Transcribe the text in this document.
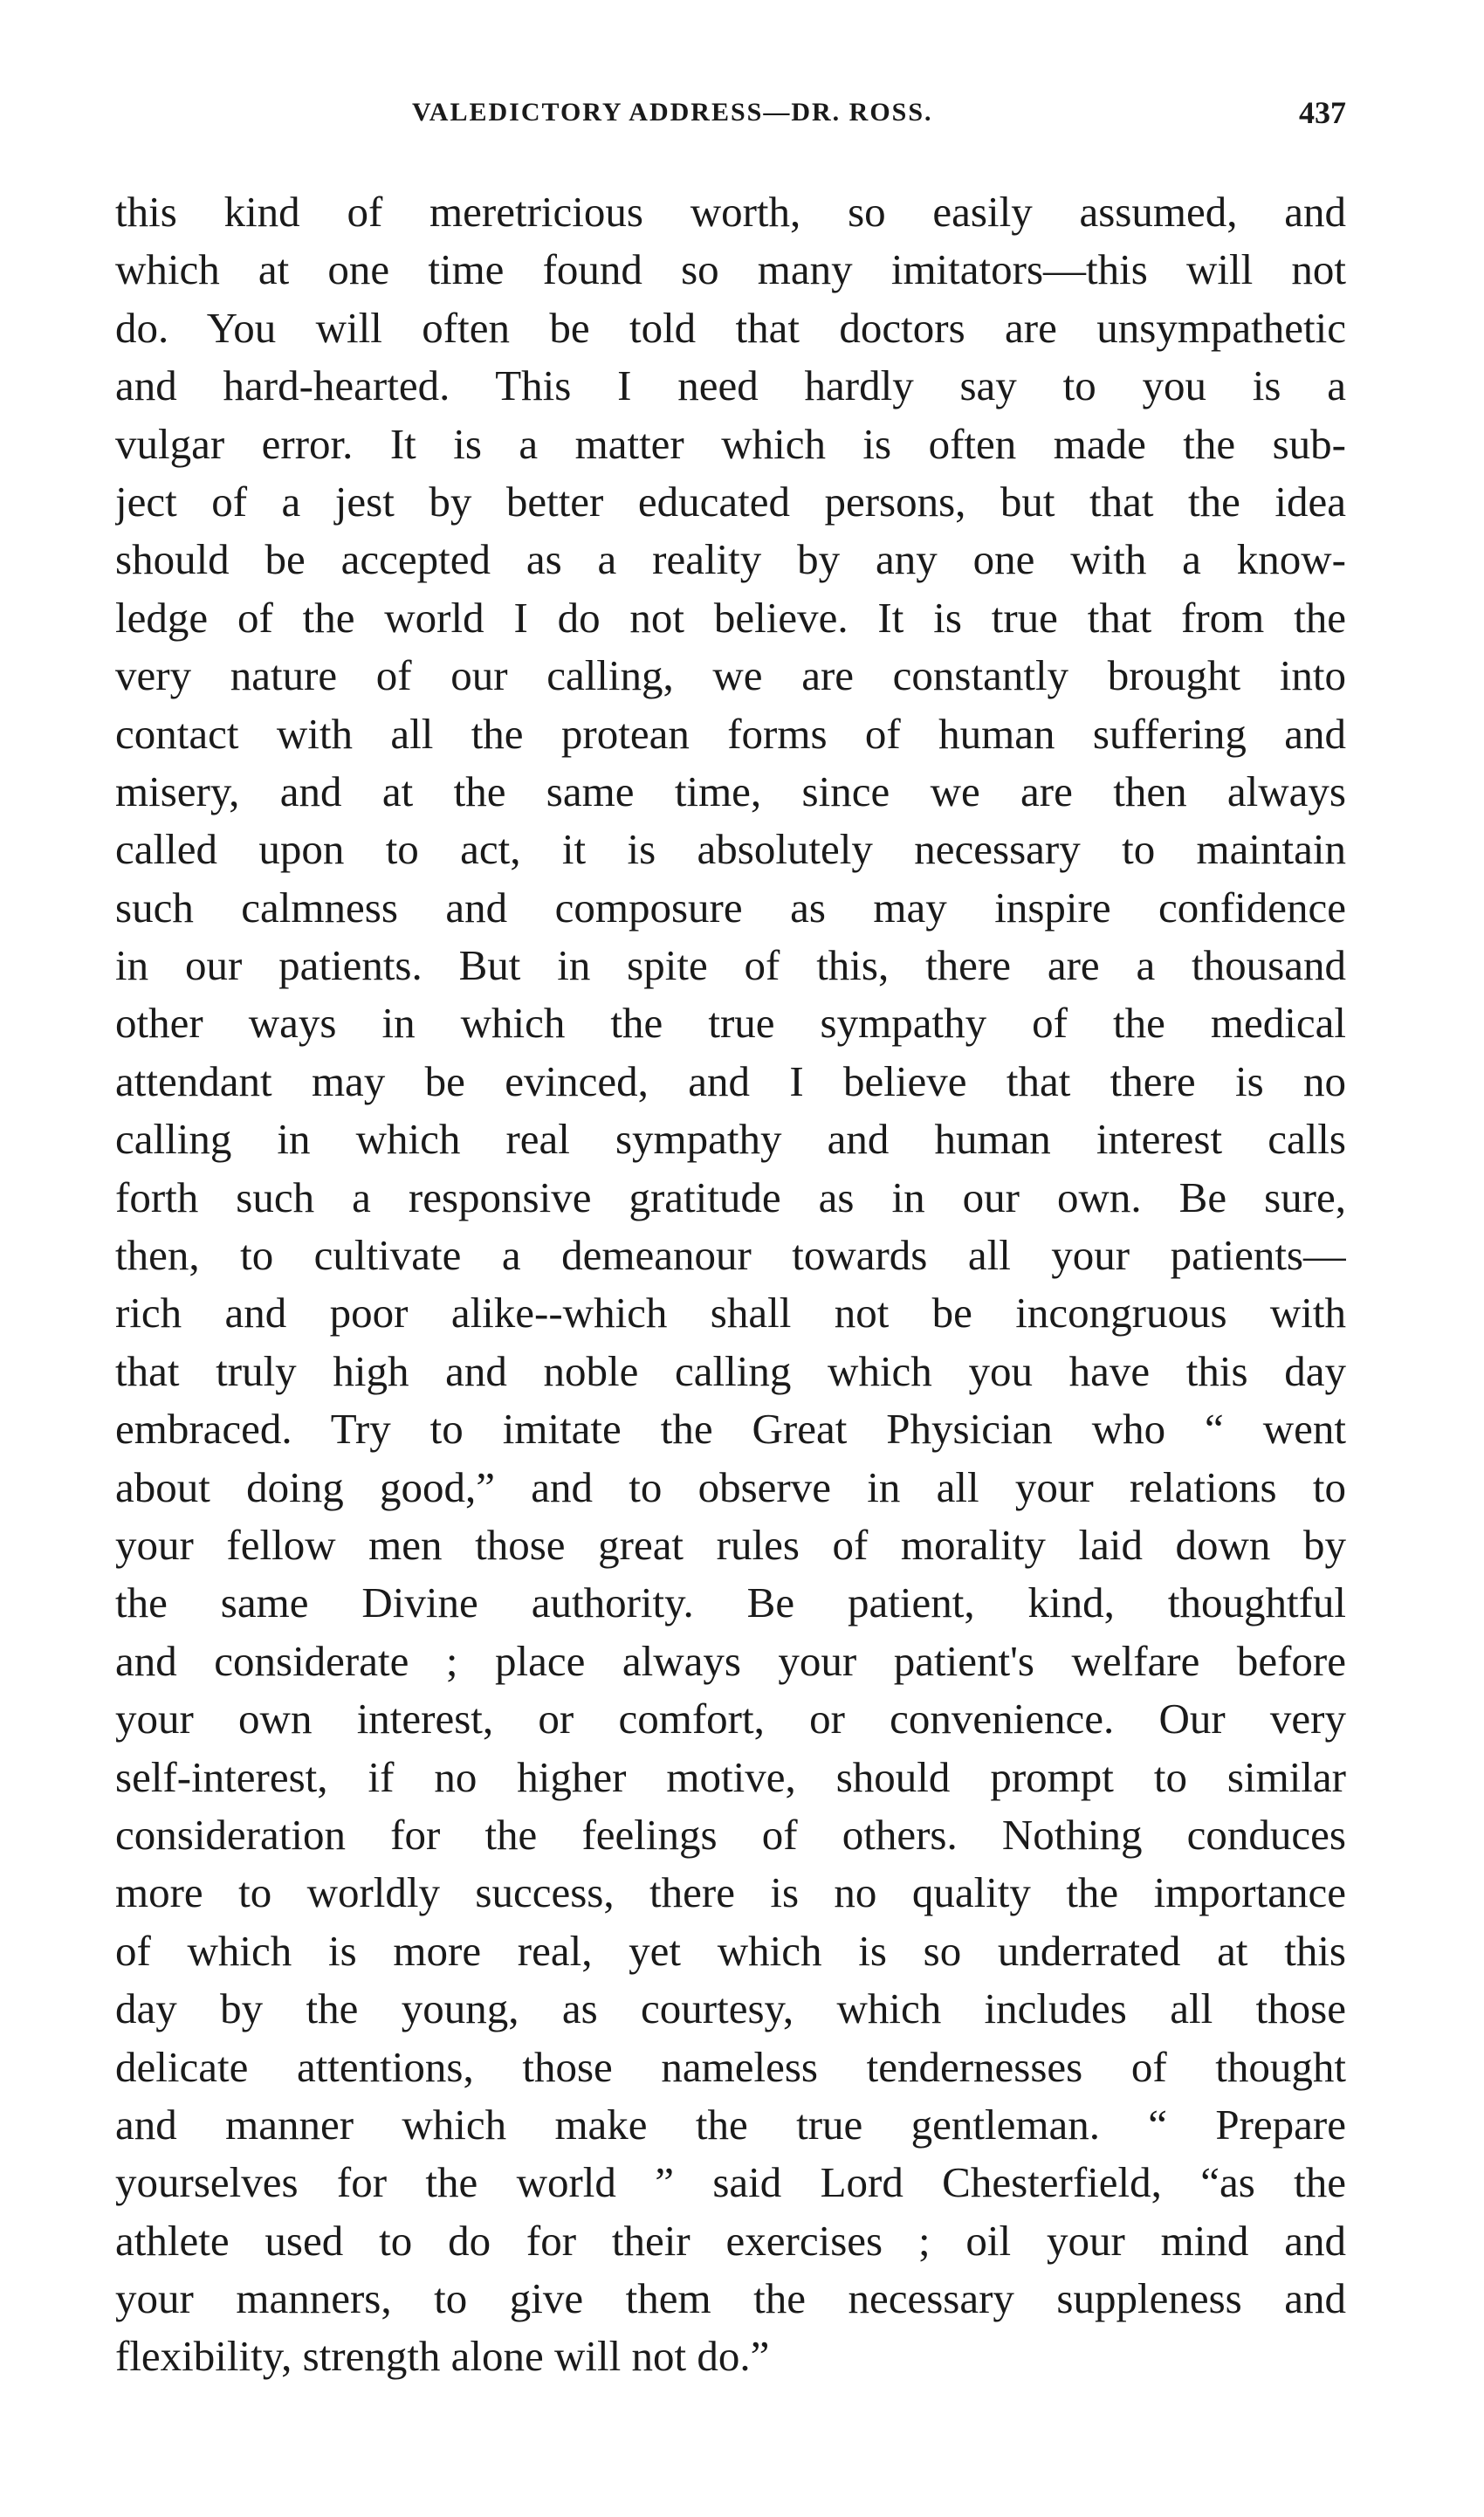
VALEDICTORY ADDRESS—DR. ROSS.	437
this kind of meretricious worth, so easily assumed, and
which at one time found so many imitators—this will not
do. You will often be told that doctors are unsympathetic
and hard-hearted. This I need hardly say to you is a
vulgar error. It is a matter which is often made the sub-
ject of a jest by better educated persons, but that the idea
should be accepted as a reality by any one with a know-
ledge of the world I do not believe. It is true that from the
very nature of our calling, we are constantly brought into
contact with all the protean forms of human suffering and
misery, and at the same time, since we are then always
called upon to act, it is absolutely necessary to maintain
such calmness and composure as may inspire confidence
in our patients. But in spite of this, there are a thousand
other ways in which the true sympathy of the medical
attendant may be evinced, and I believe that there is no
calling in which real sympathy and human interest calls
forth such a responsive gratitude as in our own. Be sure,
then, to cultivate a demeanour towards all your patients—
rich and poor alike--which shall not be incongruous with
that truly high and noble calling which you have this day
embraced. Try to imitate the Great Physician who “ went
about doing good,” and to observe in all your relations to
your fellow men those great rules of morality laid down by
the same Divine authority. Be patient, kind, thoughtful
and considerate ; place always your patient's welfare before
your own interest, or comfort, or convenience. Our very
self-interest, if no higher motive, should prompt to similar
consideration for the feelings of others. Nothing conduces
more to worldly success, there is no quality the importance
of which is more real, yet which is so underrated at this
day by the young, as courtesy, which includes all those
delicate attentions, those nameless tendernesses of thought
and manner which make the true gentleman. “ Prepare
yourselves for the world ” said Lord Chesterfield, “as the
athlete used to do for their exercises ; oil your mind and
your manners, to give them the necessary suppleness and
flexibility, strength alone will not do.”
